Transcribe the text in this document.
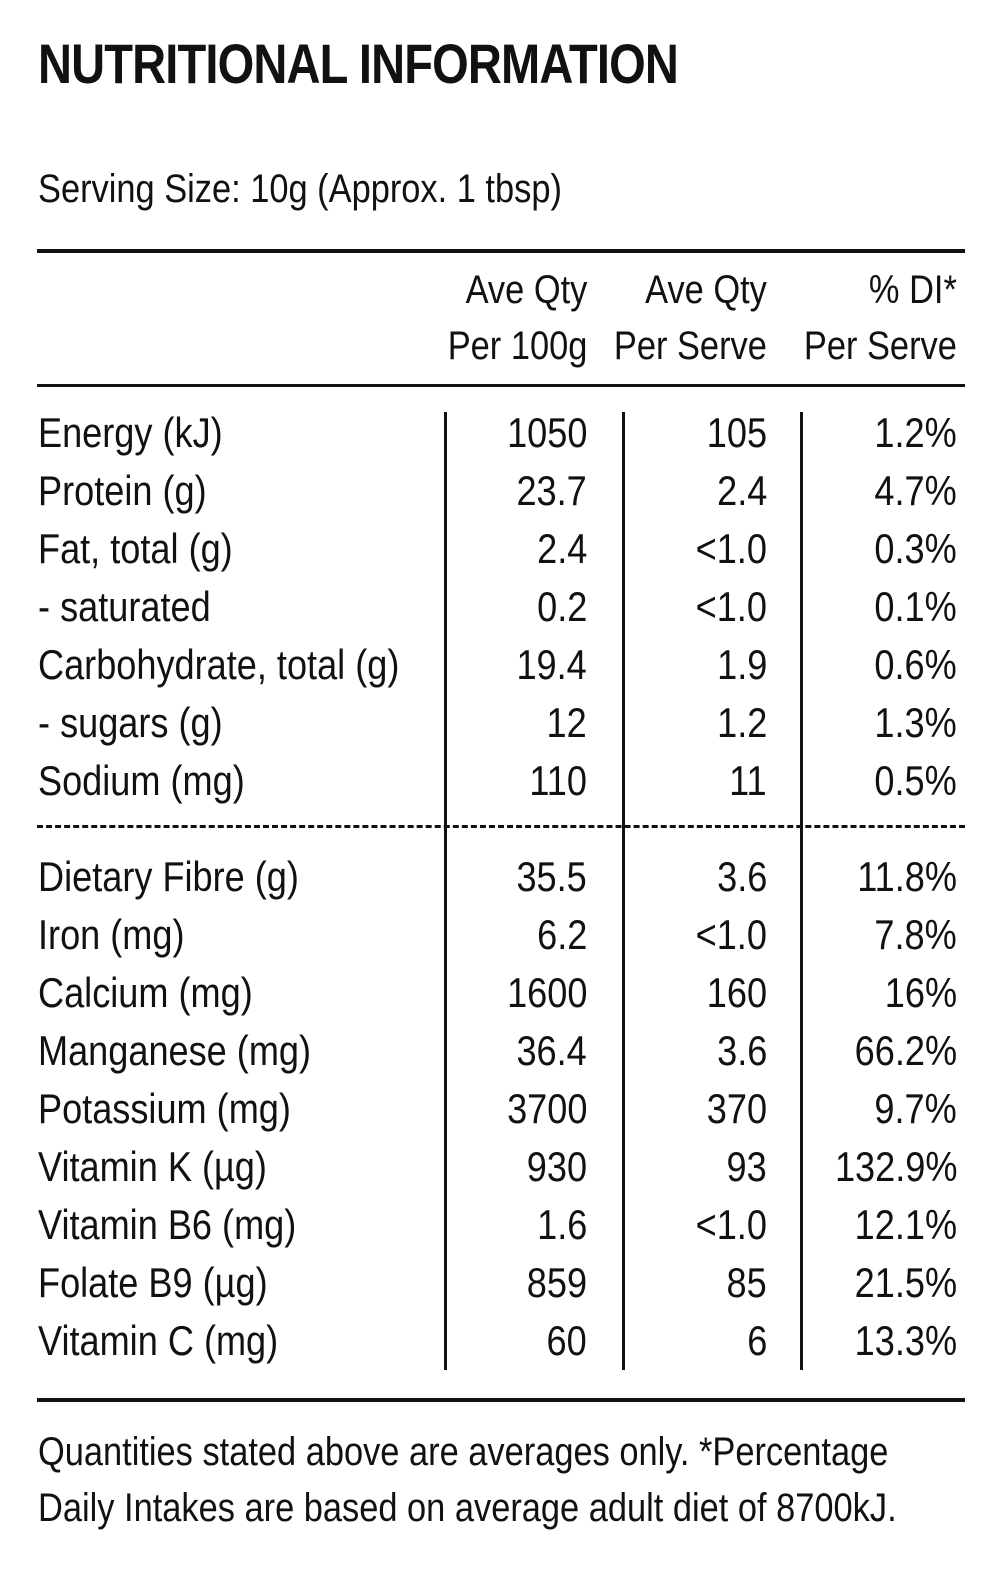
NUTRITIONAL INFORMATION
Serving Size: 10g (Approx. 1 tbsp)
Ave Qty
Per 100g
Ave Qty
Per Serve
% DI*
Per Serve
Energy (kJ)	1050	105	1.2%
Protein (g)	23.7	2.4	4.7%
Fat, total (g)	2.4	<1.0	0.3%
- saturated	0.2	<1.0	0.1%
Carbohydrate, total (g)	19.4	1.9	0.6%
- sugars (g)	12	1.2	1.3%
Sodium (mg)	110	11	0.5%
Dietary Fibre (g)	35.5	3.6 11.8%
Iron (mg)	6.2	<1.0	7.8%
Calcium (mg)	1600	160	16%
Manganese (mg)	36.4	3.6 66.2%
Potassium (mg)	3700	370	9.7%
Vitamin K (µg)	930	93 132.9%
Vitamin B6 (mg)	1.6	<1.0 12.1%
Folate B9 (µg)	859	85 21.5%
Vitamin C (mg)	60	6 13.3%
Quantities stated above are averages only. *Percentage
Daily Intakes are based on average adult diet of 8700kJ.
